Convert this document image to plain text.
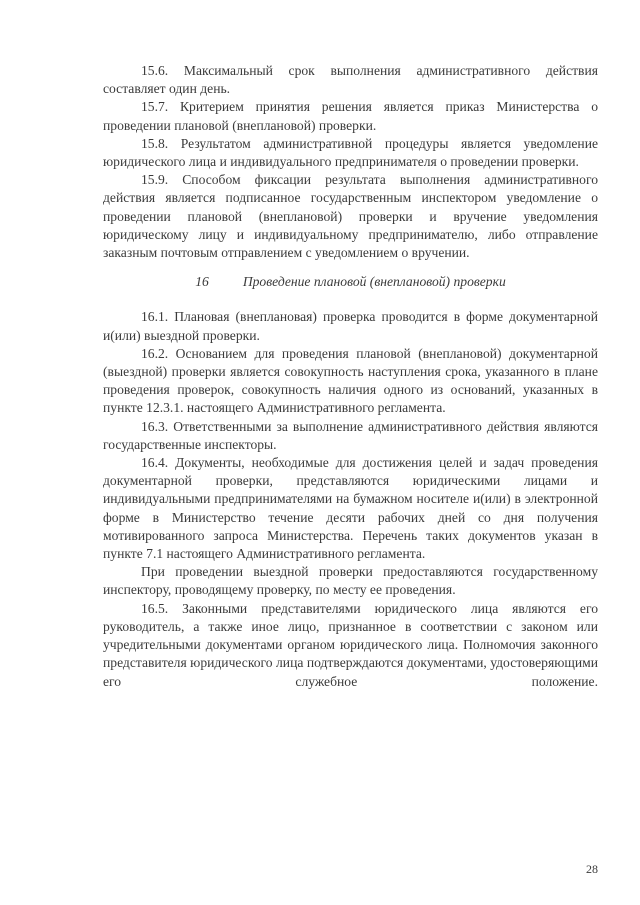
15.6. Максимальный срок выполнения административного действия составляет один день.

15.7. Критерием принятия решения является приказ Министерства о проведении плановой (внеплановой) проверки.

15.8. Результатом административной процедуры является уведомление юридического лица и индивидуального предпринимателя о проведении проверки.

15.9. Способом фиксации результата выполнения административного действия является подписанное государственным инспектором уведомление о проведении плановой (внеплановой) проверки и вручение уведомления юридическому лицу и индивидуальному предпринимателю, либо отправление заказным почтовым отправлением с уведомлением о вручении.

16	Проведение плановой (внеплановой) проверки

16.1. Плановая (внеплановая) проверка проводится в форме документарной и(или) выездной проверки.

16.2. Основанием для проведения плановой (внеплановой) документарной (выездной) проверки является совокупность наступления срока, указанного в плане проведения проверок, совокупность наличия одного из оснований, указанных в пункте 12.3.1. настоящего Административного регламента.

16.3. Ответственными за выполнение административного действия являются государственные инспекторы.

16.4. Документы, необходимые для достижения целей и задач проведения документарной проверки, представляются юридическими лицами и индивидуальными предпринимателями на бумажном носителе и(или) в электронной форме в Министерство течение десяти рабочих дней со дня получения мотивированного запроса Министерства. Перечень таких документов указан в пункте 7.1 настоящего Административного регламента.

При проведении выездной проверки предоставляются государственному инспектору, проводящему проверку, по месту ее проведения.

16.5. Законными представителями юридического лица являются его руководитель, а также иное лицо, признанное в соответствии с законом или учредительными документами органом юридического лица. Полномочия законного представителя юридического лица подтверждаются документами, удостоверяющими его служебное положение.

28
